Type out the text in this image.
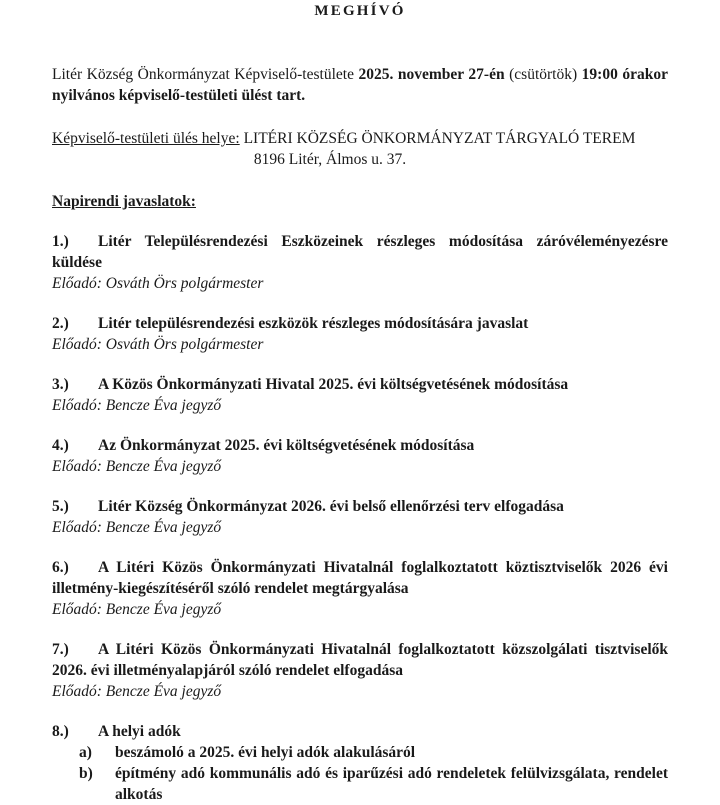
MEGHÍVÓ

Litér Község Önkormányzat Képviselő-testülete 2025. november 27-én (csütörtök) 19:00 órakor nyilvános képviselő-testületi ülést tart.

Képviselő-testületi ülés helye: LITÉRI KÖZSÉG ÖNKORMÁNYZAT TÁRGYALÓ TEREM
8196 Litér, Álmos u. 37.

Napirendi javaslatok:

1.) Litér Településrendezési Eszközeinek részleges módosítása záróvéleményezésre küldése

Előadó: Osváth Örs polgármester

2.) Litér településrendezési eszközök részleges módosítására javaslat

Előadó: Osváth Örs polgármester

3.) A Közös Önkormányzati Hivatal 2025. évi költségvetésének módosítása

Előadó: Bencze Éva jegyző

4.) Az Önkormányzat 2025. évi költségvetésének módosítása

Előadó: Bencze Éva jegyző

5.) Litér Község Önkormányzat 2026. évi belső ellenőrzési terv elfogadása

Előadó: Bencze Éva jegyző

6.) A Litéri Közös Önkormányzati Hivatalnál foglalkoztatott köztisztviselők 2026 évi illetmény-kiegészítéséről szóló rendelet megtárgyalása

Előadó: Bencze Éva jegyző

7.) A Litéri Közös Önkormányzati Hivatalnál foglalkoztatott közszolgálati tisztviselők 2026. évi illetményalapjáról szóló rendelet elfogadása

Előadó: Bencze Éva jegyző

8.) A helyi adók

a) beszámoló a 2025. évi helyi adók alakulásáról
b) építmény adó kommunális adó és iparűzési adó rendeletek felülvizsgálata, rendelet alkotás
